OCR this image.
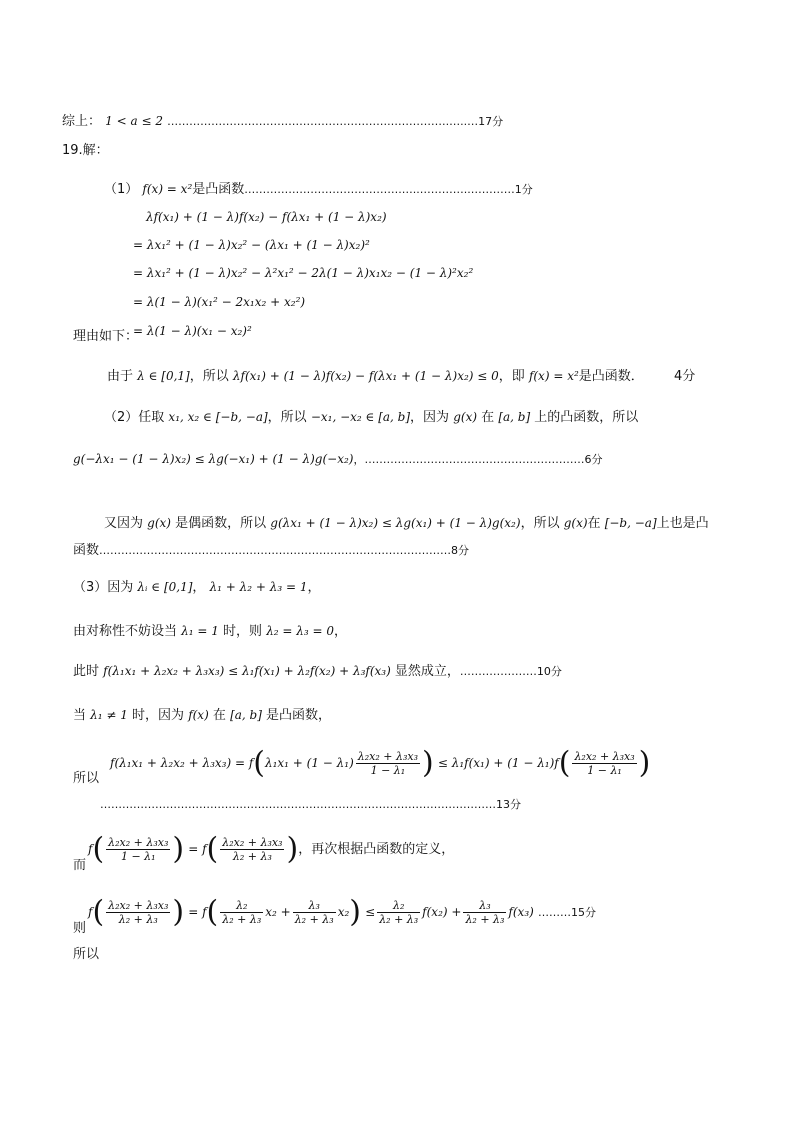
综上： 1 < a ≤ 2 …………………………………………………….…………….…..…17分
19.解：
（1） f(x) = x²是凸函数…………………………………….…..…………..…………1分
λf(x₁) + (1 − λ)f(x₂) − f(λx₁ + (1 − λ)x₂)
= λx₁² + (1 − λ)x₂² − (λx₁ + (1 − λ)x₂)²
= λx₁² + (1 − λ)x₂² − λ²x₁² − 2λ(1 − λ)x₁x₂ − (1 − λ)²x₂²
= λ(1 − λ)(x₁² − 2x₁x₂ + x₂²)
理由如下：
= λ(1 − λ)(x₁ − x₂)²
由于 λ ∈ [0,1]，所以 λf(x₁) + (1 − λ)f(x₂) − f(λx₁ + (1 − λ)x₂) ≤ 0，即 f(x) = x²是凸函数． 4分
（2）任取 x₁, x₂ ∈ [−b, −a]，所以 −x₁, −x₂ ∈ [a, b]，因为 g(x) 在 [a, b] 上的凸函数，所以
g(−λx₁ − (1 − λ)x₂) ≤ λg(−x₁) + (1 − λ)g(−x₂)，……………………………………………………6分
又因为 g(x) 是偶函数，所以 g(λx₁ + (1 − λ)x₂) ≤ λg(x₁) + (1 − λ)g(x₂)，所以 g(x)在 [−b, −a]上也是凸
函数……………………………………………………………………………………8分
（3）因为 λᵢ ∈ [0,1]， λ₁ + λ₂ + λ₃ = 1，
由对称性不妨设当 λ₁ = 1 时，则 λ₂ = λ₃ = 0，
此时 f(λ₁x₁ + λ₂x₂ + λ₃x₃) ≤ λ₁f(x₁) + λ₂f(x₂) + λ₃f(x₃) 显然成立，…………………10分
当 λ₁ ≠ 1 时，因为 f(x) 在 [a, b] 是凸函数，
所以
$f(\lambda_1x_1 + \lambda_2x_2 + \lambda_3x_3) = f(\lambda_1x_1 + (1 - \lambda_1) \frac{\text{λ₂x₂ + λ₃x₃}}{\text{1 − λ₁}}$ ) ≤ $\lambda_1f(x_1) + (1 - \lambda_1)f( \frac{\text{λ₂x₂ + λ₃x₃}}{\text{1 − λ₁}}$ )
………………………………………………………………………………………………13分
而
$f( \frac{\text{λ₂x₂ + λ₃x₃}}{\text{1 − λ₁}}$ ) = $f( \frac{\text{λ₂x₂ + λ₃x₃}}{\text{λ₂ + λ₃}}$ )，再次根据凸函数的定义，
则
$f( \frac{\text{λ₂x₂ + λ₃x₃}}{\text{λ₂ + λ₃}}$ ) = $f( \frac{\text{λ₂}}{\text{λ₂ + λ₃}} x_2 + \frac{\text{λ₃}}{\text{λ₂ + λ₃}} x_2) \le \frac{\text{λ₂}}{\text{λ₂ + λ₃}} f(x_2) + \frac{\text{λ₃}}{\text{λ₂ + λ₃}} f(x_3)$ ………15分
所以
